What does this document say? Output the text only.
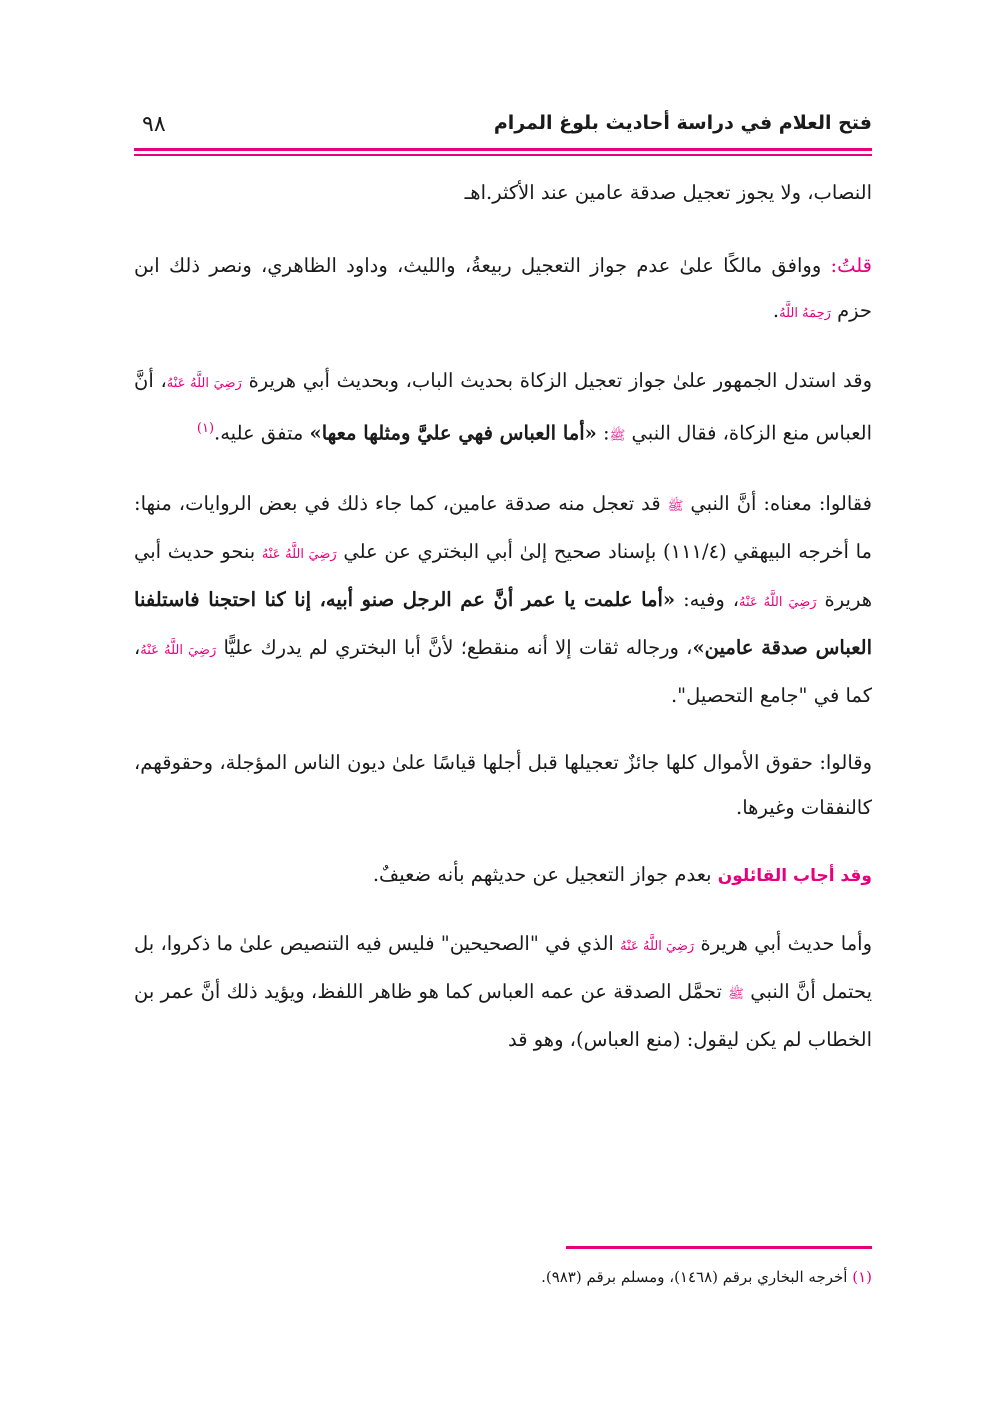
فتح العلام في دراسة أحاديث بلوغ المرام
٩٨

النصاب، ولا يجوز تعجيل صدقة عامين عند الأكثر.اهـ

قلتُ: ووافق مالكًا علىٰ عدم جواز التعجيل ربيعةُ، والليث، وداود الظاهري، ونصر ذلك ابن حزم رَحِمَهُ اللَّهُ.

وقد استدل الجمهور علىٰ جواز تعجيل الزكاة بحديث الباب، وبحديث أبي هريرة رَضِيَ اللَّهُ عَنْهُ، أنَّ العباس منع الزكاة، فقال النبي ﷺ: «أما العباس فهي عليَّ ومثلها معها» متفق عليه.$^{(١)}$

فقالوا: معناه: أنَّ النبي ﷺ قد تعجل منه صدقة عامين، كما جاء ذلك في بعض الروايات، منها: ما أخرجه البيهقي (١١١/٤) بإسناد صحيح إلىٰ أبي البختري عن علي رَضِيَ اللَّهُ عَنْهُ بنحو حديث أبي هريرة رَضِيَ اللَّهُ عَنْهُ، وفيه: «أما علمت يا عمر أنَّ عم الرجل صنو أبيه، إنا كنا احتجنا فاستلفنا العباس صدقة عامين»، ورجاله ثقات إلا أنه منقطع؛ لأنَّ أبا البختري لم يدرك عليًّا رَضِيَ اللَّهُ عَنْهُ، كما في "جامع التحصيل".

وقالوا: حقوق الأموال كلها جائزٌ تعجيلها قبل أجلها قياسًا علىٰ ديون الناس المؤجلة، وحقوقهم، كالنفقات وغيرها.

وقد أجاب القائلون بعدم جواز التعجيل عن حديثهم بأنه ضعيفٌ.

وأما حديث أبي هريرة رَضِيَ اللَّهُ عَنْهُ الذي في "الصحيحين" فليس فيه التنصيص علىٰ ما ذكروا، بل يحتمل أنَّ النبي ﷺ تحمَّل الصدقة عن عمه العباس كما هو ظاهر اللفظ، ويؤيد ذلك أنَّ عمر بن الخطاب لم يكن ليقول: (منع العباس)، وهو قد

(١) أخرجه البخاري برقم (١٤٦٨)، ومسلم برقم (٩٨٣).
